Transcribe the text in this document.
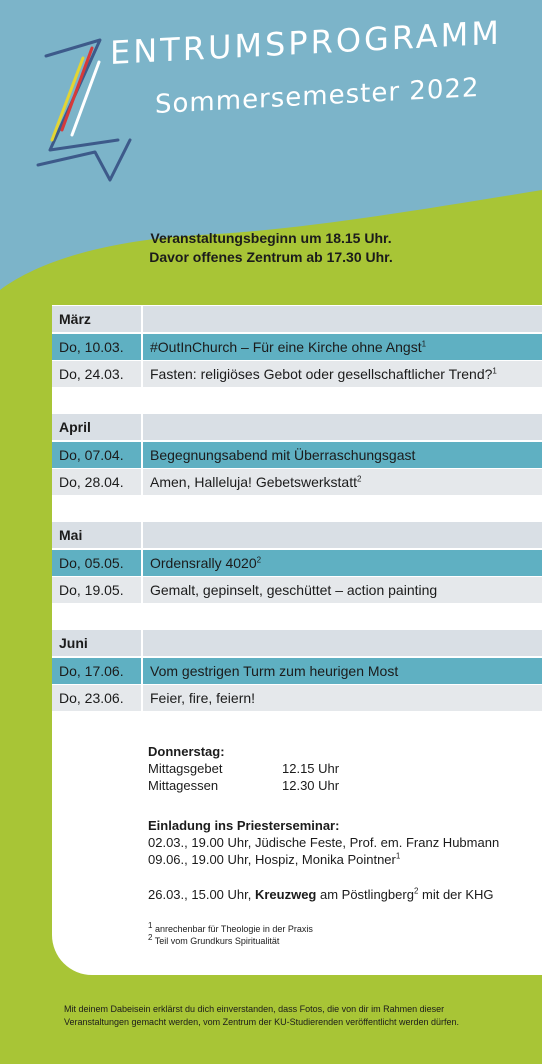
ENTRUMSPROGRAMM
Sommersemester 2022
Veranstaltungsbeginn um 18.15 Uhr.
Davor offenes Zentrum ab 17.30 Uhr.
März
Do, 10.03.	#OutInChurch – Für eine Kirche ohne Angst$^1$
Do, 24.03.	Fasten: religiöses Gebot oder gesellschaftlicher Trend?$^1$
April
Do, 07.04.	Begegnungsabend mit Überraschungsgast
Do, 28.04.	Amen, Halleluja! Gebetswerkstatt$^2$
Mai
Do, 05.05.	Ordensrally 4020$^2$
Do, 19.05.	Gemalt, gepinselt, geschüttet – action painting
Juni
Do, 17.06.	Vom gestrigen Turm zum heurigen Most
Do, 23.06.	Feier, fire, feiern!
Donnerstag:
Mittagsgebet	12.15 Uhr
Mittagessen	12.30 Uhr
Einladung ins Priesterseminar:
02.03., 19.00 Uhr, Jüdische Feste, Prof. em. Franz Hubmann
09.06., 19.00 Uhr, Hospiz, Monika Pointner$^1$
26.03., 15.00 Uhr, Kreuzweg am Pöstlingberg$^2$ mit der KHG
$^1$ anrechenbar für Theologie in der Praxis
$^2$ Teil vom Grundkurs Spiritualität
Mit deinem Dabeisein erklärst du dich einverstanden, dass Fotos, die von dir im Rahmen dieser Veranstaltungen gemacht werden, vom Zentrum der KU-Studierenden veröffentlicht werden dürfen.
